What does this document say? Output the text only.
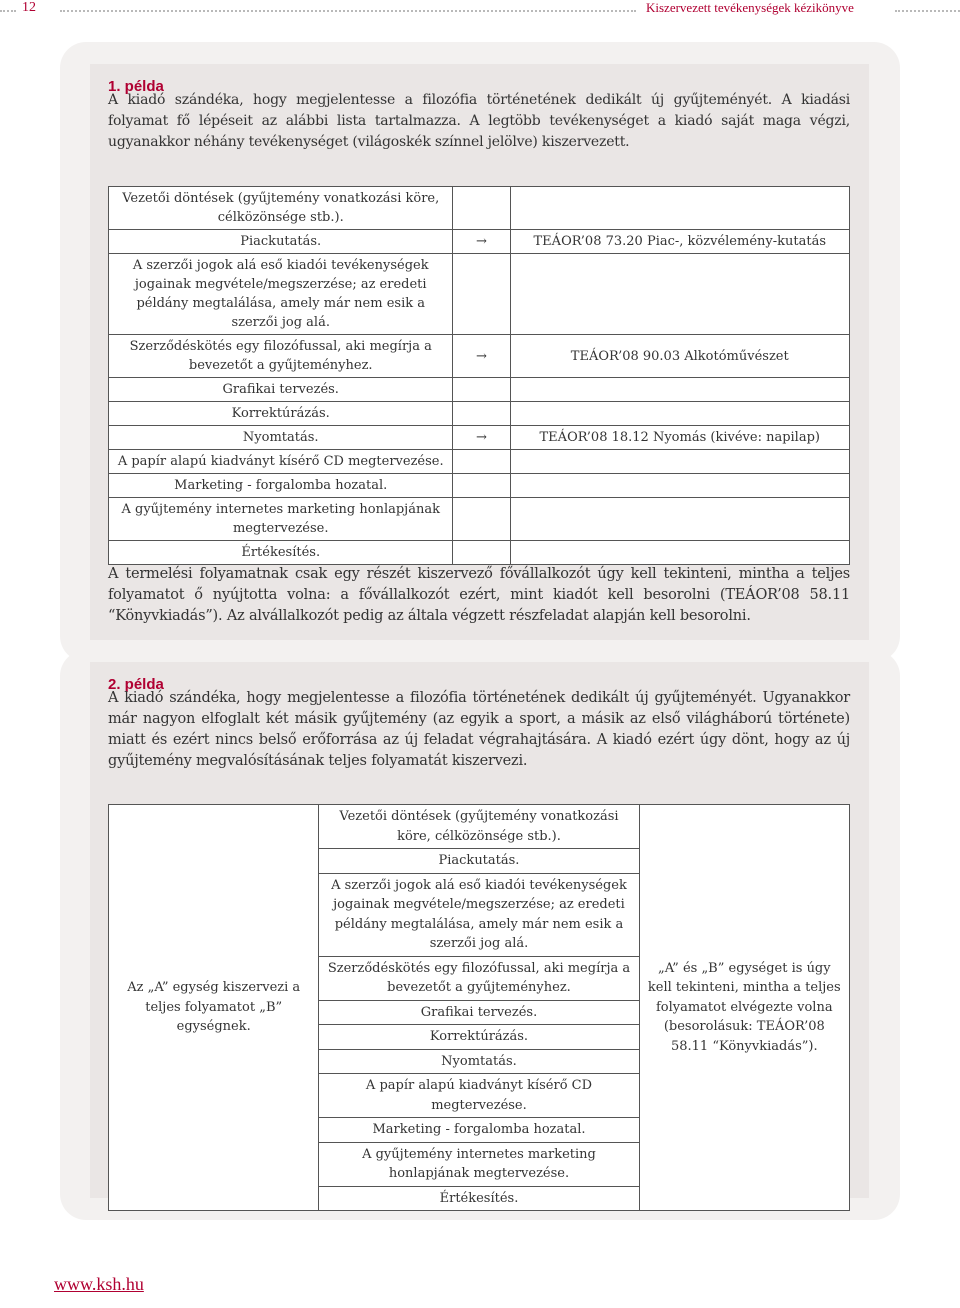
12	Kiszervezett tevékenységek kézikönyve
1. példa
A kiadó szándéka, hogy megjelentesse a filozófia történetének dedikált új gyűjteményét. A kiadási folyamat fő lépéseit az alábbi lista tartalmazza. A legtöbb tevékenységet a kiadó saját maga végzi, ugyanakkor néhány tevékenységet (világoskék színnel jelölve) kiszervezett.
Vezetői döntések (gyűjtemény vonatkozási köre, célközönsége stb.).		
Piackutatás.	→	TEÁOR’08 73.20 Piac-, közvélemény-kutatás
A szerzői jogok alá eső kiadói tevékenységek jogainak megvétele/megszerzése; az eredeti példány megtalálása, amely már nem esik a szerzői jog alá.		
Szerződéskötés egy filozófussal, aki megírja a bevezetőt a gyűjteményhez.	→	TEÁOR’08 90.03 Alkotóművészet
Grafikai tervezés.		
Korrektúrázás.		
Nyomtatás.	→	TEÁOR’08 18.12 Nyomás (kivéve: napilap)
A papír alapú kiadványt kísérő CD megtervezése.		
Marketing - forgalomba hozatal.		
A gyűjtemény internetes marketing honlapjának megtervezése.		
Értékesítés.		
A termelési folyamatnak csak egy részét kiszervező fővállalkozót úgy kell tekinteni, mintha a teljes folyamatot ő nyújtotta volna: a fővállalkozót ezért, mint kiadót kell besorolni (TEÁOR’08 58.11 “Könyvkiadás”). Az alvállalkozót pedig az általa végzett részfeladat alapján kell besorolni.
2. példa
A kiadó szándéka, hogy megjelentesse a filozófia történetének dedikált új gyűjteményét. Ugyanakkor már nagyon elfoglalt két másik gyűjtemény (az egyik a sport, a másik az első világháború története) miatt és ezért nincs belső erőforrása az új feladat végrahajtására. A kiadó ezért úgy dönt, hogy az új gyűjtemény megvalósításának teljes folyamatát kiszervezi.
Az „A” egység kiszervezi a teljes folyamatot „B” egységnek.	Vezetői döntések (gyűjtemény vonatkozási köre, célközönsége stb.).	„A” és „B” egységet is úgy kell tekinteni, mintha a teljes folyamatot elvégezte volna (besorolásuk: TEÁOR’08 58.11 “Könyvkiadás”).
Piackutatás.
A szerzői jogok alá eső kiadói tevékenységek jogainak megvétele/megszerzése; az eredeti példány megtalálása, amely már nem esik a szerzői jog alá.
Szerződéskötés egy filozófussal, aki megírja a bevezetőt a gyűjteményhez.
Grafikai tervezés.
Korrektúrázás.
Nyomtatás.
A papír alapú kiadványt kísérő CD megtervezése.
Marketing - forgalomba hozatal.
A gyűjtemény internetes marketing honlapjának megtervezése.
Értékesítés.
www.ksh.hu
